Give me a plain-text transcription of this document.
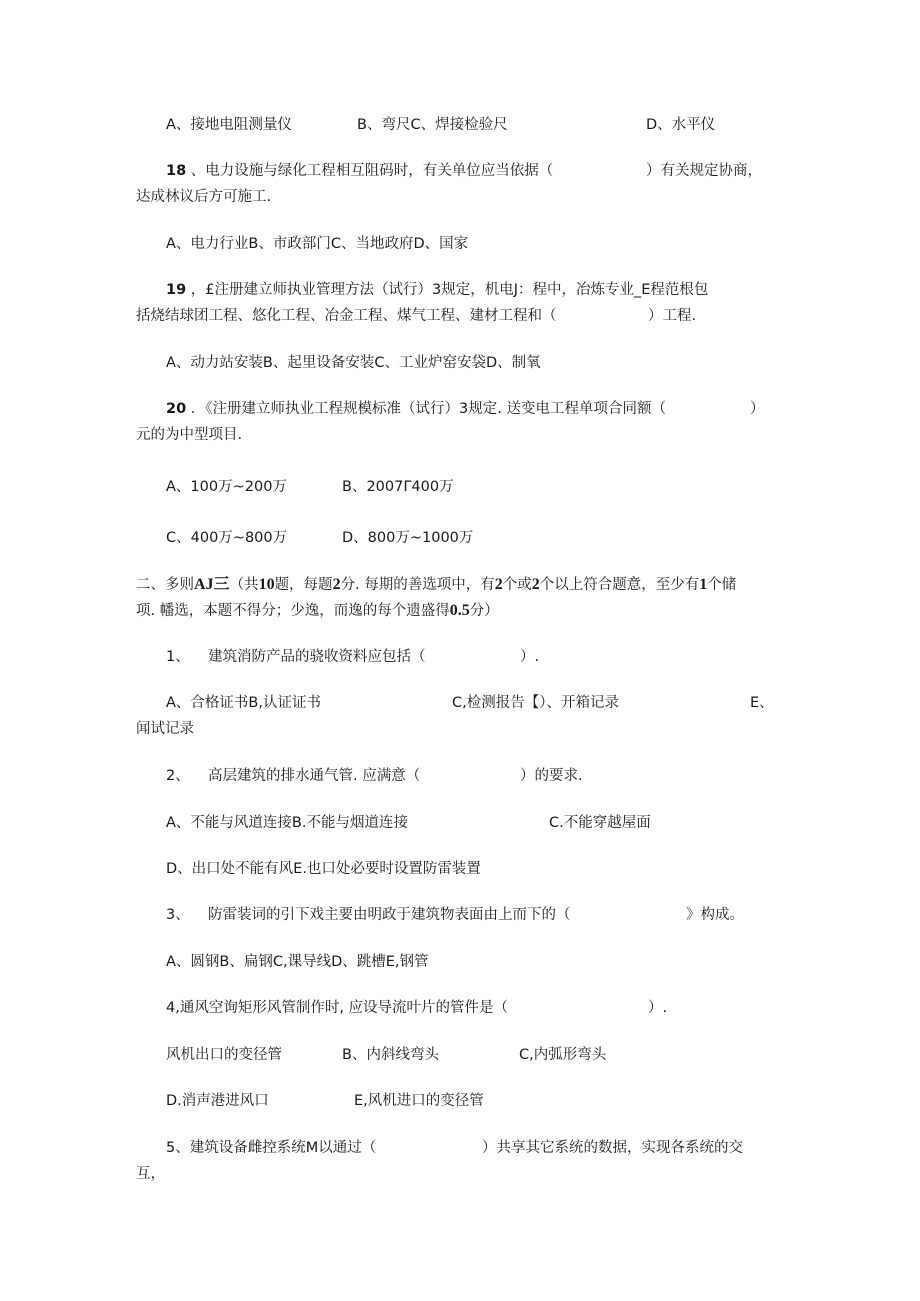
A、接地电阻测量仪	B、弯尺C、焊接检验尺	D、水平仪
18 、电力设施与绿化工程相互阻码时，有关单位应当依据（	）有关规定协商，
达成林议后方可施工.
A、电力行业B、市政部门C、当地政府D、国家
19 ，£注册建立师执业管理方法（试行）3规定，机电J：程中，冶炼专业_E程范根包
括烧结球团工程、悠化工程、冶金工程、煤气工程、建材工程和（	）工程.
A、动力站安装B、起里设备安装C、工业炉窑安袋D、制氧
20 ．《注册建立师执业工程规模标准（试行）3规定. 送变电工程单项合同额（	）
元的为中型项目.
A、100万~200万	B、2007Γ400万
C、400万~800万	D、800万~1000万
二、多则AJ三（共10题，每题2分. 每期的善选项中，有2个或2个以上符合题意，至少有1个储
项. 幡选，本题不得分；少逸，而逸的每个遗盛得0.5分）
1、 建筑消防产品的骁收资料应包括（	）.
A、合格证书B,认证证书	C,检测报告【）、开箱记录	E、
闻试记录
2、 高层建筑的排水通气管. 应满意（	）的要求.
A、不能与风道连接B.不能与烟道连接	C.不能穿越屋面
D、出口处不能有风E.也口处必要时设置防雷装置
3、 防雷装词的引下戏主要由明政于建筑物表面由上而下的（	》构成。
A、圆钢B、扁钢C,课导线D、跳槽E,钢管
4,通风空询矩形风管制作时, 应设导流叶片的管件是（	）.
风机出口的变径管	B、内斜线弯头	C,内弧形弯头
D.消声港进风口	E,风机进口的变径管
5、建筑设备雌控系统M以通过（	）共享其它系统的数据，实现各系统的交
互，
